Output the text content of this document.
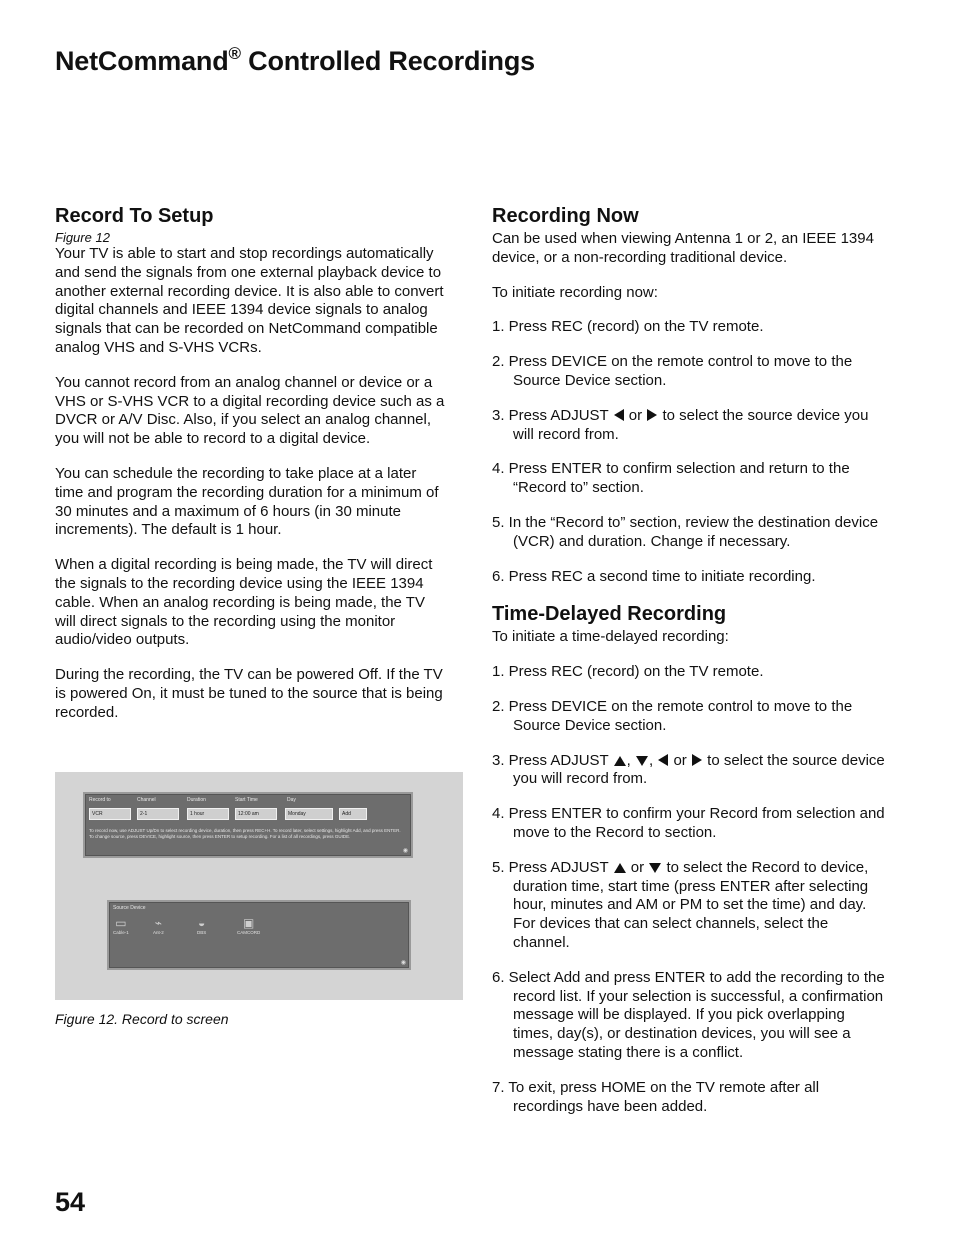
NetCommand® Controlled Recordings
Record To Setup
Figure 12

Your TV is able to start and stop recordings automatically and send the signals from one external playback device to another external recording device. It is also able to convert digital channels and IEEE 1394 device signals to analog signals that can be recorded on NetCommand compatible analog VHS and S-VHS VCRs.

You cannot record from an analog channel or device or a VHS or S-VHS VCR to a digital recording device such as a DVCR or A/V Disc. Also, if you select an analog channel, you will not be able to record to a digital device.

You can schedule the recording to take place at a later time and program the recording duration for a minimum of 30 minutes and a maximum of 6 hours (in 30 minute increments). The default is 1 hour.

When a digital recording is being made, the TV will direct the signals to the recording device using the IEEE 1394 cable. When an analog recording is being made, the TV will direct signals to the recording using the monitor audio/video outputs.

During the recording, the TV can be powered Off. If the TV is powered On, it must be tuned to the source that is being recorded.

Record to	Channel	Duration	Start Time	Day
VCR	2-1	1 hour	12:00 am	Monday	Add
To record now, use ADJUST Up/Dn to select recording device, duration, then press REC+H. To record later, select settings, highlight Add, and press ENTER. To change source, press DEVICE, highlight source, then press ENTER to setup recording. For a list of all recordings, press GUIDE.
◉
Source Device
▭
Cable-1
⌁
Ant-2
◒
DBS
▣
CAMCORD
◉
Figure 12. Record to screen
Recording Now

Can be used when viewing Antenna 1 or 2, an IEEE 1394 device, or a non-recording traditional device.

To initiate recording now:

1. Press REC (record) on the TV remote.
2. Press DEVICE on the remote control to move to the Source Device section.
3. Press ADJUST or to select the source device you will record from.
4. Press ENTER to confirm selection and return to the “Record to” section.
5. In the “Record to” section, review the destination device (VCR) and duration. Change if necessary.
6. Press REC a second time to initiate recording.
Time-Delayed Recording

To initiate a time-delayed recording:

1. Press REC (record) on the TV remote.
2. Press DEVICE on the remote control to move to the Source Device section.
3. Press ADJUST , , or to select the source device you will record from.
4. Press ENTER to confirm your Record from selection and move to the Record to section.
5. Press ADJUST or to select the Record to device, duration time, start time (press ENTER after selecting hour, minutes and AM or PM to set the time) and day. For devices that can select channels, select the channel.
6. Select Add and press ENTER to add the recording to the record list. If your selection is successful, a confirmation message will be displayed. If you pick overlapping times, day(s), or destination devices, you will see a message stating there is a conflict.
7. To exit, press HOME on the TV remote after all recordings have been added.
54
